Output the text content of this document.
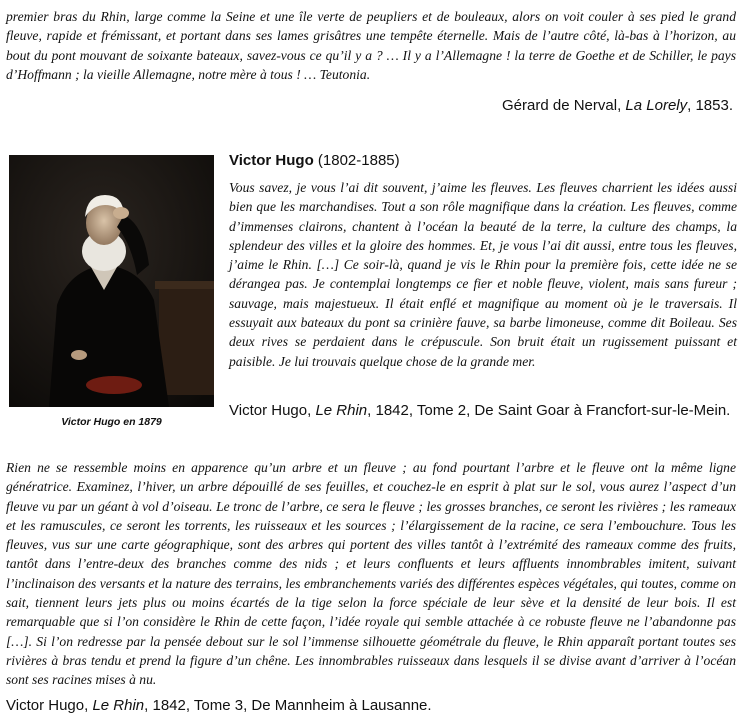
premier bras du Rhin, large comme la Seine et une île verte de peupliers et de bouleaux, alors on voit couler à ses pied le grand fleuve, rapide et frémissant, et portant dans ses lames grisâtres une tempête éternelle. Mais de l’autre côté, là-bas à l’horizon, au bout du pont mouvant de soixante bateaux, savez-vous ce qu’il y a ? … Il y a l’Allemagne ! la terre de Goethe et de Schiller, le pays d’Hoffmann ; la vieille Allemagne, notre mère à tous ! … Teutonia.
Gérard de Nerval, La Lorely, 1853.
Victor Hugo en 1879
Victor Hugo (1802-1885)
Vous savez, je vous l’ai dit souvent, j’aime les fleuves. Les fleuves charrient les idées aussi bien que les marchandises. Tout a son rôle magnifique dans la création. Les fleuves, comme d’immenses clairons, chantent à l’océan la beauté de la terre, la culture des champs, la splendeur des villes et la gloire des hommes. Et, je vous l’ai dit aussi, entre tous les fleuves, j’aime le Rhin. […] Ce soir-là, quand je vis le Rhin pour la première fois, cette idée ne se dérangea pas. Je contemplai longtemps ce fier et noble fleuve, violent, mais sans fureur ; sauvage, mais majestueux. Il était enflé et magnifique au moment où je le traversais. Il essuyait aux bateaux du pont sa crinière fauve, sa barbe limoneuse, comme dit Boileau. Ses deux rives se perdaient dans le crépuscule. Son bruit était un rugissement puissant et paisible. Je lui trouvais quelque chose de la grande mer.
Victor Hugo, Le Rhin, 1842, Tome 2, De Saint Goar à Francfort-sur-le-Mein.
Rien ne se ressemble moins en apparence qu’un arbre et un fleuve ; au fond pourtant l’arbre et le fleuve ont la même ligne génératrice. Examinez, l’hiver, un arbre dépouillé de ses feuilles, et couchez-le en esprit à plat sur le sol, vous aurez l’aspect d’un fleuve vu par un géant à vol d’oiseau. Le tronc de l’arbre, ce sera le fleuve ; les grosses branches, ce seront les rivières ; les rameaux et les ramuscules, ce seront les torrents, les ruisseaux et les sources ; l’élargissement de la racine, ce sera l’embouchure. Tous les fleuves, vus sur une carte géographique, sont des arbres qui portent des villes tantôt à l’extrémité des rameaux comme des fruits, tantôt dans l’entre-deux des branches comme des nids ; et leurs confluents et leurs affluents innombrables imitent, suivant l’inclinaison des versants et la nature des terrains, les embranchements variés des différentes espèces végétales, qui toutes, comme on sait, tiennent leurs jets plus ou moins écartés de la tige selon la force spéciale de leur sève et la densité de leur bois. Il est remarquable que si l’on considère le Rhin de cette façon, l’idée royale qui semble attachée à ce robuste fleuve ne l’abandonne pas […]. Si l’on redresse par la pensée debout sur le sol l’immense silhouette géométrale du fleuve, le Rhin apparaît portant toutes ses rivières à bras tendu et prend la figure d’un chêne. Les innombrables ruisseaux dans lesquels il se divise avant d’arriver à l’océan sont ses racines mises à nu.
Victor Hugo, Le Rhin, 1842, Tome 3, De Mannheim à Lausanne.
